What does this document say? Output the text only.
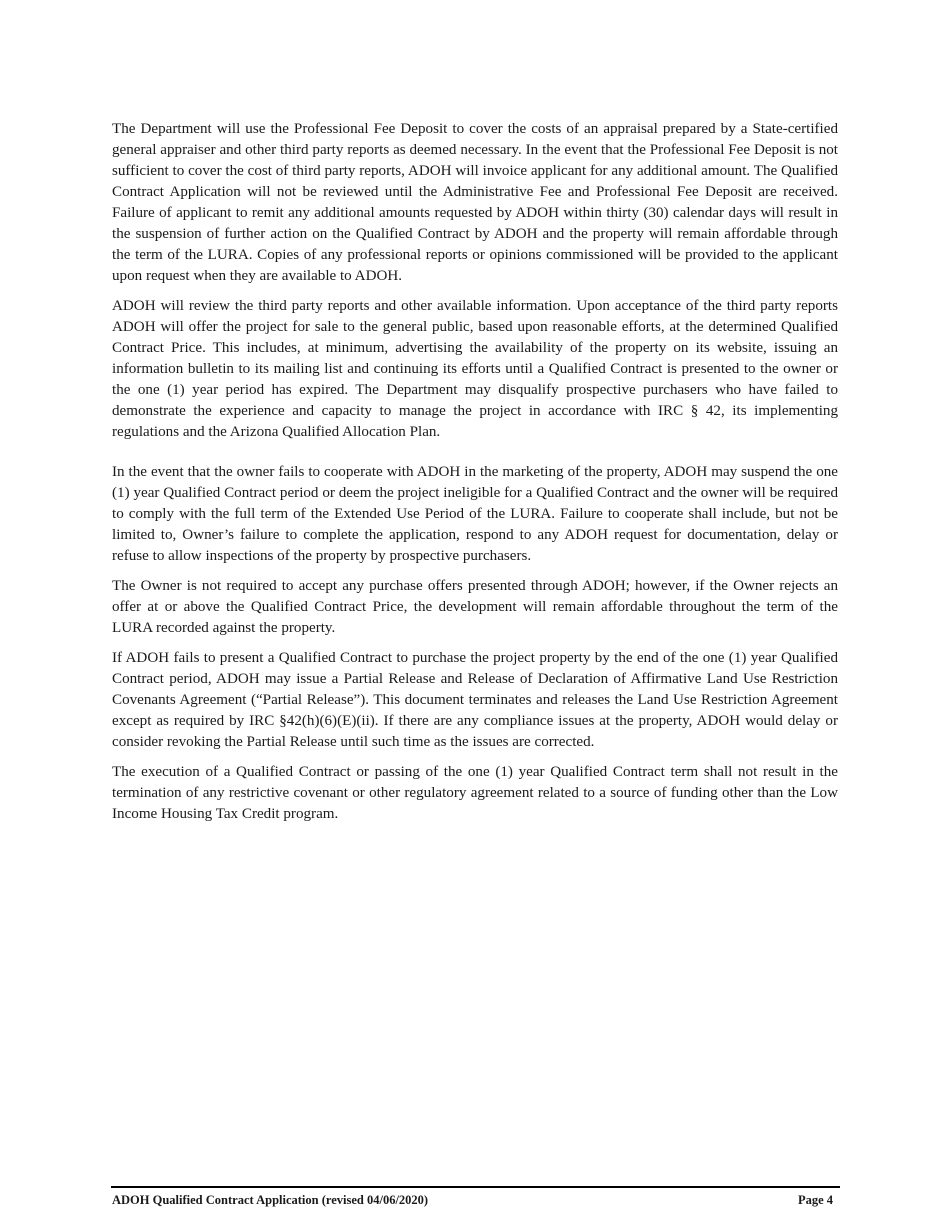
The Department will use the Professional Fee Deposit to cover the costs of an appraisal prepared by a State-certified general appraiser and other third party reports as deemed necessary. In the event that the Professional Fee Deposit is not sufficient to cover the cost of third party reports, ADOH will invoice applicant for any additional amount. The Qualified Contract Application will not be reviewed until the Administrative Fee and Professional Fee Deposit are received. Failure of applicant to remit any additional amounts requested by ADOH within thirty (30) calendar days will result in the suspension of further action on the Qualified Contract by ADOH and the property will remain affordable through the term of the LURA. Copies of any professional reports or opinions commissioned will be provided to the applicant upon request when they are available to ADOH.

ADOH will review the third party reports and other available information. Upon acceptance of the third party reports ADOH will offer the project for sale to the general public, based upon reasonable efforts, at the determined Qualified Contract Price. This includes, at minimum, advertising the availability of the property on its website, issuing an information bulletin to its mailing list and continuing its efforts until a Qualified Contract is presented to the owner or the one (1) year period has expired. The Department may disqualify prospective purchasers who have failed to demonstrate the experience and capacity to manage the project in accordance with IRC § 42, its implementing regulations and the Arizona Qualified Allocation Plan.

In the event that the owner fails to cooperate with ADOH in the marketing of the property, ADOH may suspend the one (1) year Qualified Contract period or deem the project ineligible for a Qualified Contract and the owner will be required to comply with the full term of the Extended Use Period of the LURA. Failure to cooperate shall include, but not be limited to, Owner’s failure to complete the application, respond to any ADOH request for documentation, delay or refuse to allow inspections of the property by prospective purchasers.

The Owner is not required to accept any purchase offers presented through ADOH; however, if the Owner rejects an offer at or above the Qualified Contract Price, the development will remain affordable throughout the term of the LURA recorded against the property.

If ADOH fails to present a Qualified Contract to purchase the project property by the end of the one (1) year Qualified Contract period, ADOH may issue a Partial Release and Release of Declaration of Affirmative Land Use Restriction Covenants Agreement (“Partial Release”). This document terminates and releases the Land Use Restriction Agreement except as required by IRC §42(h)(6)(E)(ii). If there are any compliance issues at the property, ADOH would delay or consider revoking the Partial Release until such time as the issues are corrected.

The execution of a Qualified Contract or passing of the one (1) year Qualified Contract term shall not result in the termination of any restrictive covenant or other regulatory agreement related to a source of funding other than the Low Income Housing Tax Credit program.

ADOH Qualified Contract Application (revised 04/06/2020)	Page 4
